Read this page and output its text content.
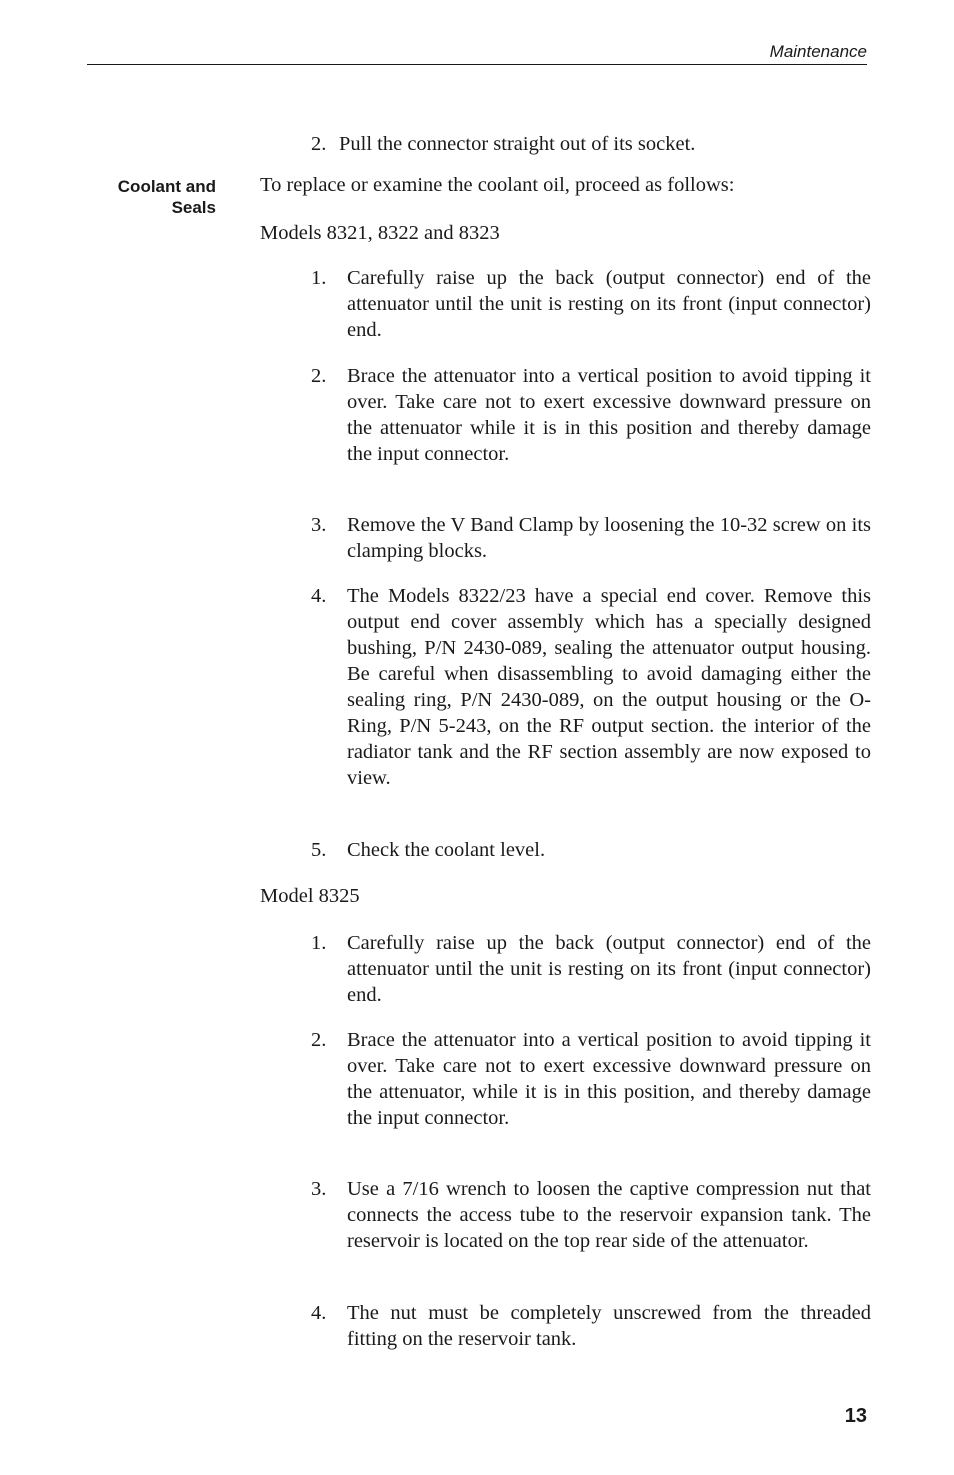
Maintenance
2. Pull the connector straight out of its socket.
Coolant and
Seals
To replace or examine the coolant oil, proceed as follows:
Models 8321, 8322 and 8323
1. Carefully raise up the back (output connector) end of the attenuator until the unit is resting on its front (input connector) end.
2. Brace the attenuator into a vertical position to avoid tipping it over. Take care not to exert excessive downward pressure on the attenuator while it is in this position and thereby damage the input connector.
3. Remove the V Band Clamp by loosening the 10-32 screw on its clamping blocks.
4. The Models 8322/23 have a special end cover. Remove this output end cover assembly which has a specially designed bushing, P/N 2430-089, sealing the attenuator output housing. Be careful when disassembling to avoid damaging either the sealing ring, P/N 2430-089, on the output housing or the O-Ring, P/N 5-243, on the RF output section. the interior of the radiator tank and the RF section assembly are now exposed to view.
5. Check the coolant level.
Model 8325
1. Carefully raise up the back (output connector) end of the attenuator until the unit is resting on its front (input connector) end.
2. Brace the attenuator into a vertical position to avoid tipping it over. Take care not to exert excessive downward pressure on the attenuator, while it is in this position, and thereby damage the input connector.
3. Use a 7/16 wrench to loosen the captive compression nut that connects the access tube to the reservoir expansion tank. The reservoir is located on the top rear side of the attenuator.
4. The nut must be completely unscrewed from the threaded fitting on the reservoir tank.
13
